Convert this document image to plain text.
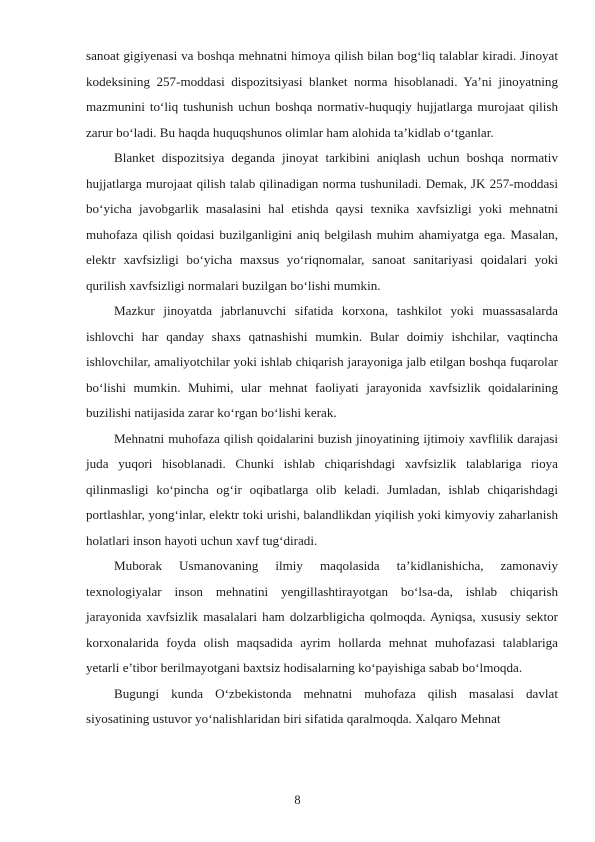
sanoat gigiyenasi va boshqa mehnatni himoya qilish bilan bog‘liq talablar kiradi. Jinoyat kodeksining 257-moddasi dispozitsiyasi blanket norma hisoblanadi. Ya’ni jinoyatning mazmunini to‘liq tushunish uchun boshqa normativ-huquqiy hujjatlarga murojaat qilish zarur bo‘ladi. Bu haqda huquqshunos olimlar ham alohida ta’kidlab o‘tganlar.

Blanket dispozitsiya deganda jinoyat tarkibini aniqlash uchun boshqa normativ hujjatlarga murojaat qilish talab qilinadigan norma tushuniladi. Demak, JK 257-moddasi bo‘yicha javobgarlik masalasini hal etishda qaysi texnika xavfsizligi yoki mehnatni muhofaza qilish qoidasi buzilganligini aniq belgilash muhim ahamiyatga ega. Masalan, elektr xavfsizligi bo‘yicha maxsus yo‘riqnomalar, sanoat sanitariyasi qoidalari yoki qurilish xavfsizligi normalari buzilgan bo‘lishi mumkin.

Mazkur jinoyatda jabrlanuvchi sifatida korxona, tashkilot yoki muassasalarda ishlovchi har qanday shaxs qatnashishi mumkin. Bular doimiy ishchilar, vaqtincha ishlovchilar, amaliyotchilar yoki ishlab chiqarish jarayoniga jalb etilgan boshqa fuqarolar bo‘lishi mumkin. Muhimi, ular mehnat faoliyati jarayonida xavfsizlik qoidalarining buzilishi natijasida zarar ko‘rgan bo‘lishi kerak.

Mehnatni muhofaza qilish qoidalarini buzish jinoyatining ijtimoiy xavflilik darajasi juda yuqori hisoblanadi. Chunki ishlab chiqarishdagi xavfsizlik talablariga rioya qilinmasligi ko‘pincha og‘ir oqibatlarga olib keladi. Jumladan, ishlab chiqarishdagi portlashlar, yong‘inlar, elektr toki urishi, balandlikdan yiqilish yoki kimyoviy zaharlanish holatlari inson hayoti uchun xavf tug‘diradi.

Muborak Usmanovaning ilmiy maqolasida ta’kidlanishicha, zamonaviy texnologiyalar inson mehnatini yengillashtirayotgan bo‘lsa-da, ishlab chiqarish jarayonida xavfsizlik masalalari ham dolzarbligicha qolmoqda. Ayniqsa, xususiy sektor korxonalarida foyda olish maqsadida ayrim hollarda mehnat muhofazasi talablariga yetarli e’tibor berilmayotgani baxtsiz hodisalarning ko‘payishiga sabab bo‘lmoqda.

Bugungi kunda O‘zbekistonda mehnatni muhofaza qilish masalasi davlat siyosatining ustuvor yo‘nalishlaridan biri sifatida qaralmoqda. Xalqaro Mehnat

8
